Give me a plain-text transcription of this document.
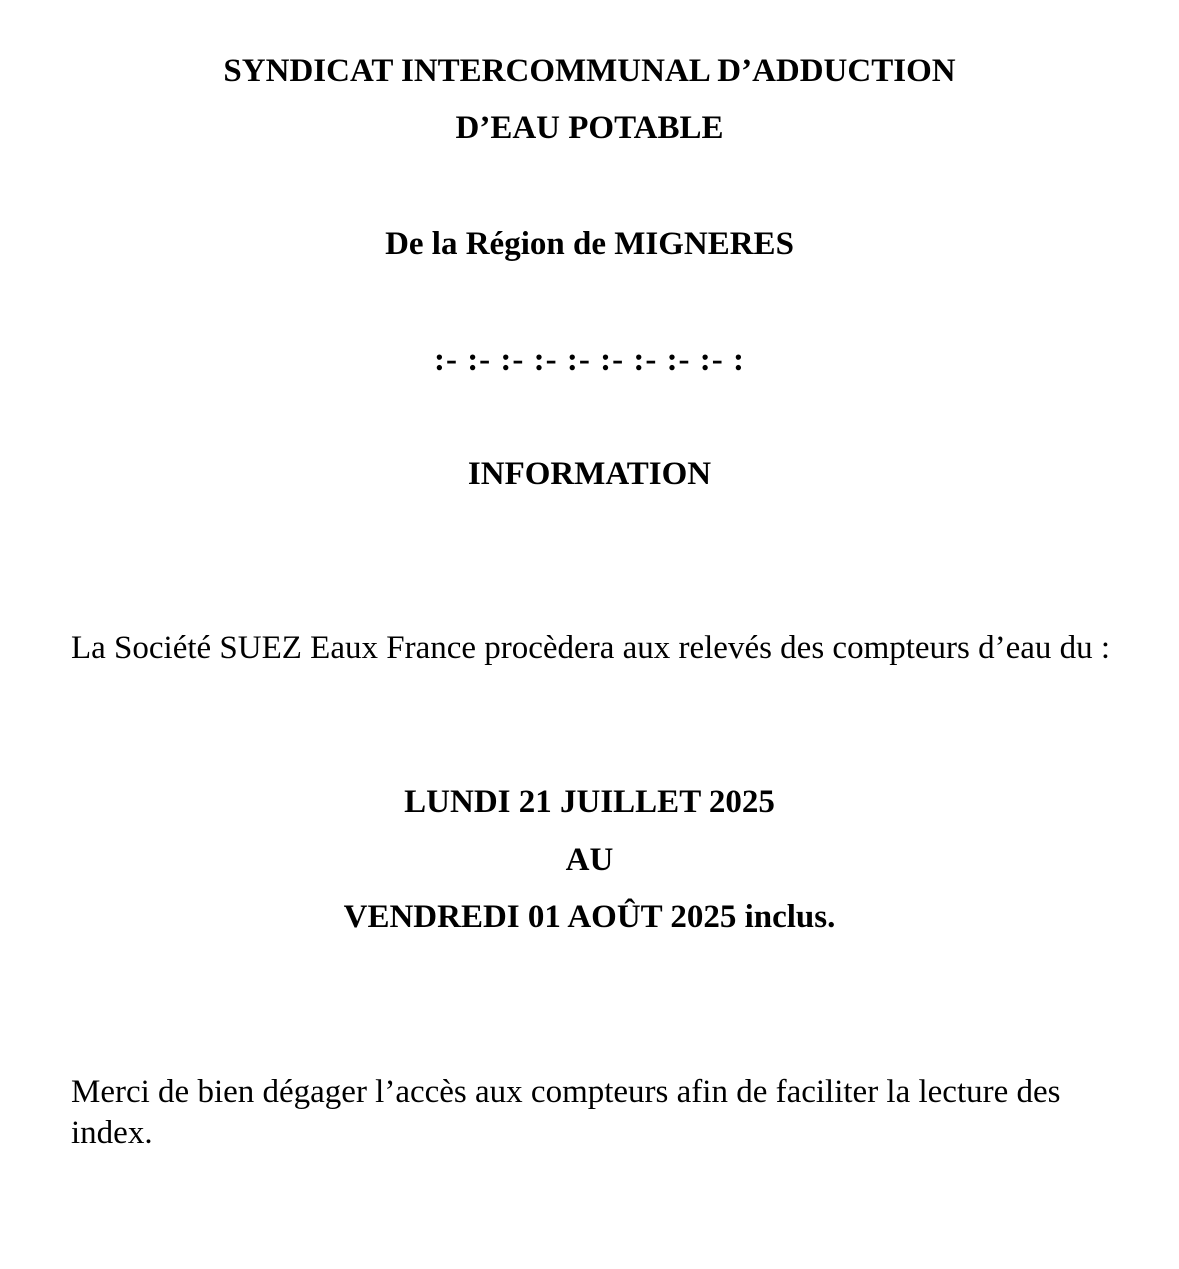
SYNDICAT INTERCOMMUNAL D’ADDUCTION
D’EAU POTABLE
De la Région de MIGNERES
:- :- :- :- :- :- :- :- :- :
INFORMATION
La Société SUEZ Eaux France procèdera aux relevés des compteurs d’eau du :
LUNDI 21 JUILLET 2025
AU
VENDREDI 01 AOÛT 2025 inclus.
Merci de bien dégager l’accès aux compteurs afin de faciliter la lecture des index.
